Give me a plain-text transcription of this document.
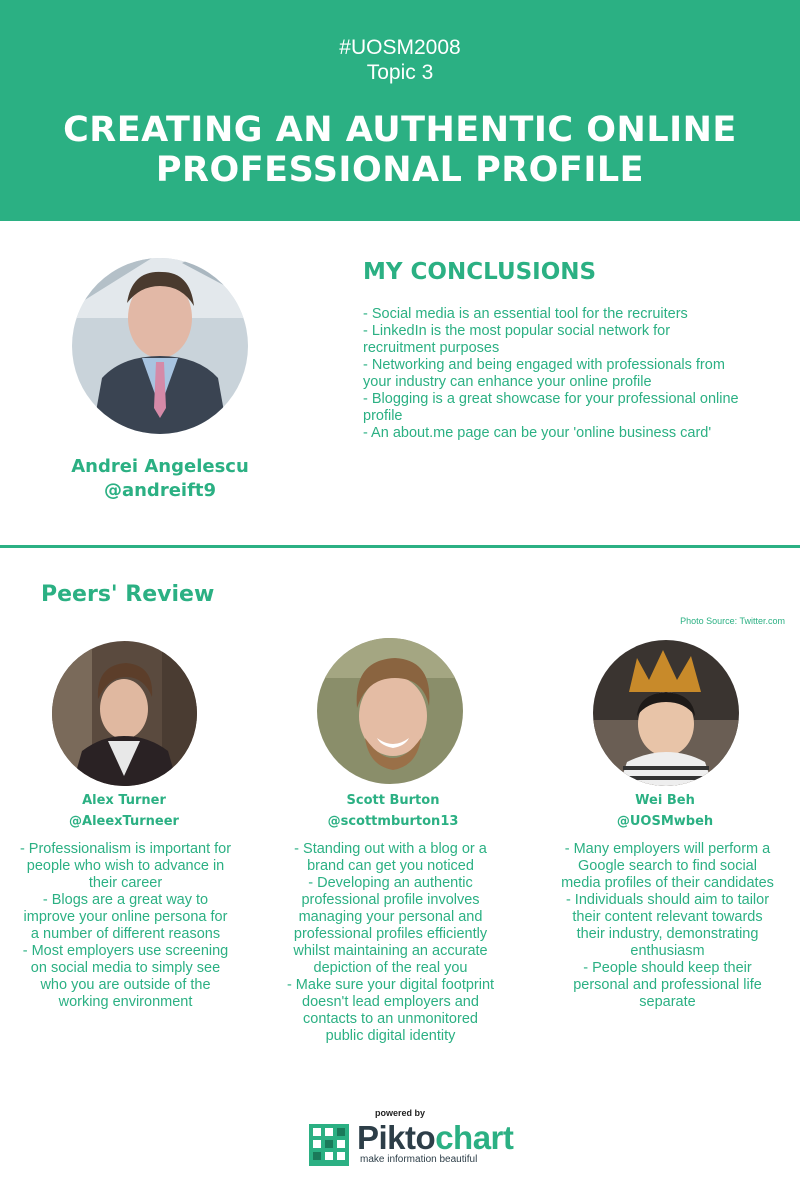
#UOSM2008
Topic 3
CREATING AN AUTHENTIC ONLINE
PROFESSIONAL PROFILE
Andrei Angelescu
@andreift9
MY CONCLUSIONS
- Social media is an essential tool for the recruiters
- LinkedIn is the most popular social network for recruitment purposes
- Networking and being engaged with professionals from your industry can enhance your online profile
- Blogging is a great showcase for your professional online profile
- An about.me page can be your 'online business card'
Peers' Review
Photo Source: Twitter.com
Alex Turner
@AleexTurneer
- Professionalism is important for people who wish to advance in their career
- Blogs are a great way to improve your online persona for a number of different reasons
- Most employers use screening on social media to simply see who you are outside of the working environment
Scott Burton
@scottmburton13
- Standing out with a blog or a brand can get you noticed
- Developing an authentic professional profile involves managing your personal and professional profiles efficiently whilst maintaining an accurate depiction of the real you
- Make sure your digital footprint doesn't lead employers and contacts to an unmonitored public digital identity
Wei Beh
@UOSMwbeh
- Many employers will perform a Google search to find social media profiles of their candidates
- Individuals should aim to tailor their content relevant towards their industry, demonstrating enthusiasm
- People should keep their personal and professional life separate
powered by
Piktochart
make information beautiful
